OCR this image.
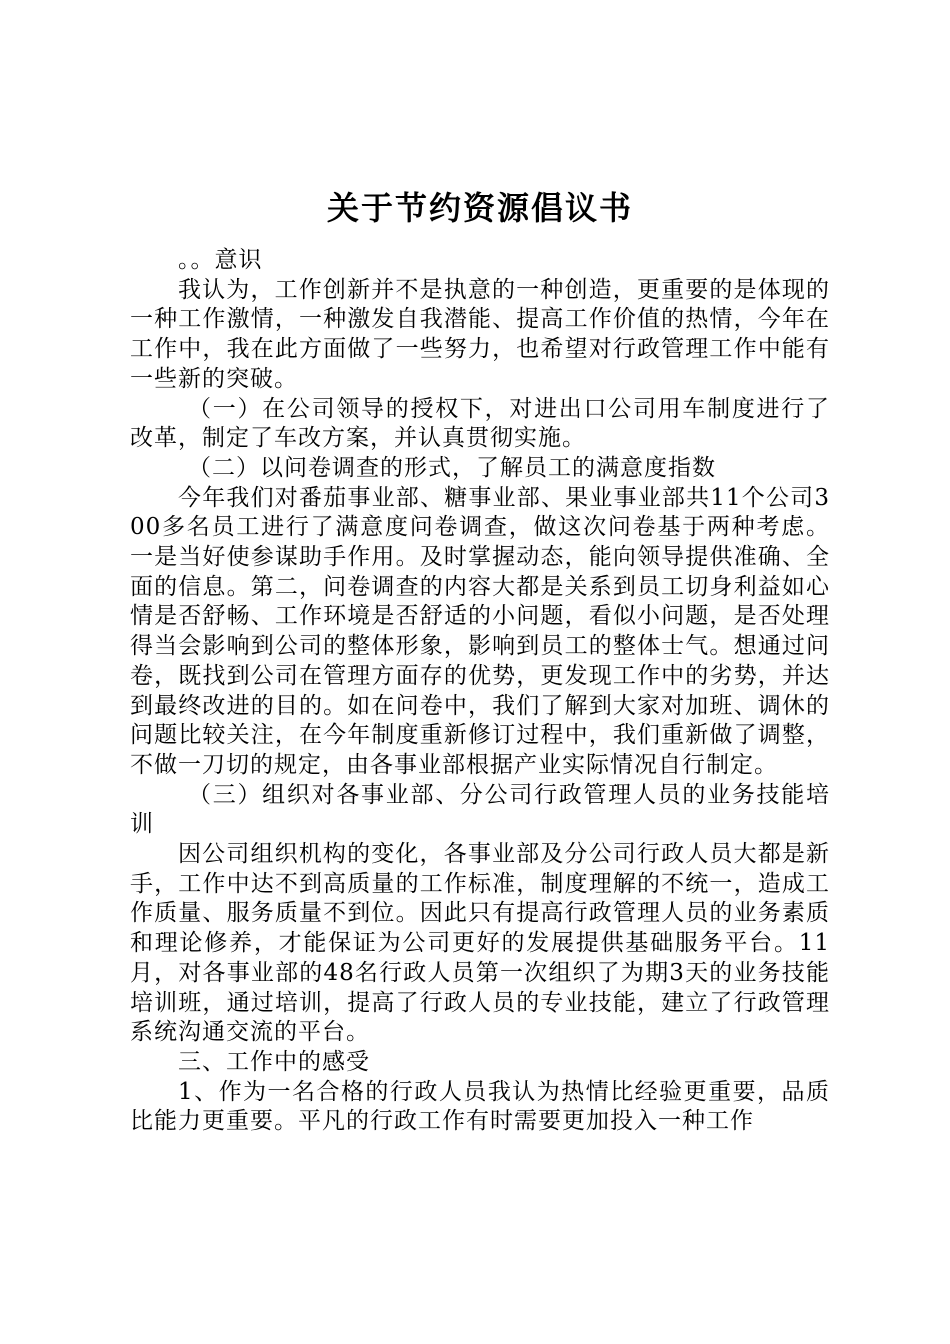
关于节约资源倡议书

。。意识

我认为，工作创新并不是执意的一种创造，更重要的是体现的一种工作激情，一种激发自我潜能、提高工作价值的热情，今年在工作中，我在此方面做了一些努力，也希望对行政管理工作中能有一些新的突破。

（一）在公司领导的授权下，对进出口公司用车制度进行了改革，制定了车改方案，并认真贯彻实施。

（二）以问卷调查的形式，了解员工的满意度指数

今年我们对番茄事业部、糖事业部、果业事业部共11个公司300多名员工进行了满意度问卷调查，做这次问卷基于两种考虑。一是当好使参谋助手作用。及时掌握动态，能向领导提供准确、全面的信息。第二，问卷调查的内容大都是关系到员工切身利益如心情是否舒畅、工作环境是否舒适的小问题，看似小问题，是否处理得当会影响到公司的整体形象，影响到员工的整体士气。想通过问卷，既找到公司在管理方面存的优势，更发现工作中的劣势，并达到最终改进的目的。如在问卷中，我们了解到大家对加班、调休的问题比较关注，在今年制度重新修订过程中，我们重新做了调整，不做一刀切的规定，由各事业部根据产业实际情况自行制定。

（三）组织对各事业部、分公司行政管理人员的业务技能培训

因公司组织机构的变化，各事业部及分公司行政人员大都是新手，工作中达不到高质量的工作标准，制度理解的不统一，造成工作质量、服务质量不到位。因此只有提高行政管理人员的业务素质和理论修养，才能保证为公司更好的发展提供基础服务平台。11月，对各事业部的48名行政人员第一次组织了为期3天的业务技能培训班，通过培训，提高了行政人员的专业技能，建立了行政管理系统沟通交流的平台。

三、工作中的感受

1、作为一名合格的行政人员我认为热情比经验更重要，品质比能力更重要。平凡的行政工作有时需要更加投入一种工作
